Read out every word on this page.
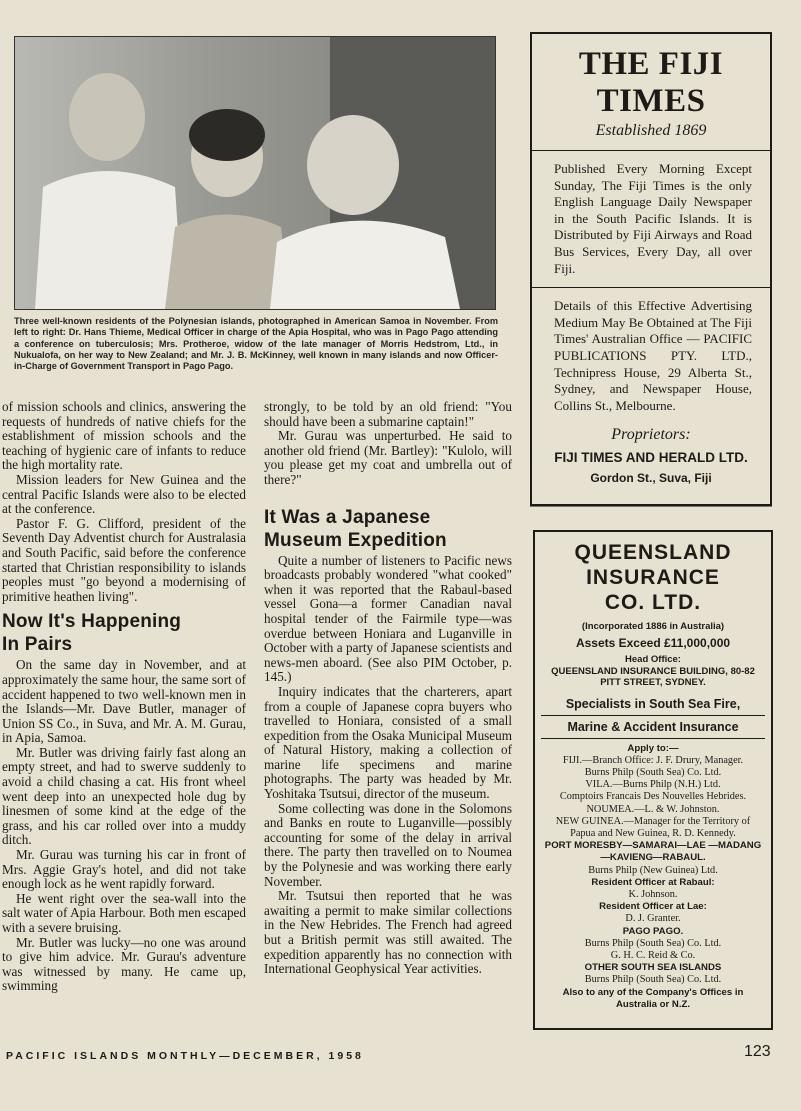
Three well-known residents of the Polynesian islands, photographed in American Samoa in November. From left to right: Dr. Hans Thieme, Medical Officer in charge of the Apia Hospital, who was in Pago Pago attending a conference on tuberculosis; Mrs. Protheroe, widow of the late manager of Morris Hedstrom, Ltd., in Nukualofa, on her way to New Zealand; and Mr. J. B. McKinney, well known in many islands and now Officer-in-Charge of Government Transport in Pago Pago.

of mission schools and clinics, answering the requests of hundreds of native chiefs for the establishment of mission schools and the teaching of hygienic care of infants to reduce the high mortality rate.

Mission leaders for New Guinea and the central Pacific Islands were also to be elected at the conference.

Pastor F. G. Clifford, president of the Seventh Day Adventist church for Australasia and South Pacific, said before the conference started that Christian responsibility to islands peoples must "go beyond a modernising of primitive heathen living".

Now It's Happening
In Pairs

On the same day in November, and at approximately the same hour, the same sort of accident happened to two well-known men in the Islands—Mr. Dave Butler, manager of Union SS Co., in Suva, and Mr. A. M. Gurau, in Apia, Samoa.

Mr. Butler was driving fairly fast along an empty street, and had to swerve suddenly to avoid a child chasing a cat. His front wheel went deep into an unexpected hole dug by linesmen of some kind at the edge of the grass, and his car rolled over into a muddy ditch.

Mr. Gurau was turning his car in front of Mrs. Aggie Gray's hotel, and did not take enough lock as he went rapidly forward.

He went right over the sea-wall into the salt water of Apia Harbour. Both men escaped with a severe bruising.

Mr. Butler was lucky—no one was around to give him advice. Mr. Gurau's adventure was witnessed by many. He came up, swimming

strongly, to be told by an old friend: "You should have been a submarine captain!"

Mr. Gurau was unperturbed. He said to another old friend (Mr. Bartley): "Kulolo, will you please get my coat and umbrella out of there?"

It Was a Japanese
Museum Expedition

Quite a number of listeners to Pacific news broadcasts probably wondered "what cooked" when it was reported that the Rabaul-based vessel Gona—a former Canadian naval hospital tender of the Fairmile type—was overdue between Honiara and Luganville in October with a party of Japanese scientists and news-men aboard. (See also PIM October, p. 145.)

Inquiry indicates that the charterers, apart from a couple of Japanese copra buyers who travelled to Honiara, consisted of a small expedition from the Osaka Municipal Museum of Natural History, making a collection of marine life specimens and marine photographs. The party was headed by Mr. Yoshitaka Tsutsui, director of the museum.

Some collecting was done in the Solomons and Banks en route to Luganville—possibly accounting for some of the delay in arrival there. The party then travelled on to Noumea by the Polynesie and was working there early November.

Mr. Tsutsui then reported that he was awaiting a permit to make similar collections in the New Hebrides. The French had agreed but a British permit was still awaited. The expedition apparently has no connection with International Geophysical Year activities.

THE FIJI TIMES
Established 1869
Published Every Morning Except Sunday, The Fiji Times is the only English Language Daily Newspaper in the South Pacific Islands. It is Distributed by Fiji Airways and Road Bus Services, Every Day, all over Fiji.
Details of this Effective Advertising Medium May Be Obtained at The Fiji Times' Australian Office — PACIFIC PUBLICATIONS PTY. LTD., Technipress House, 29 Alberta St., Sydney, and Newspaper House, Collins St., Melbourne.
Proprietors:
FIJI TIMES AND HERALD LTD.
Gordon St., Suva, Fiji
QUEENSLAND
INSURANCE
CO. LTD.
(Incorporated 1886 in Australia)
Assets Exceed £11,000,000
Head Office:
QUEENSLAND INSURANCE BUILDING, 80-82 PITT STREET, SYDNEY.
Specialists in South Sea Fire,
Marine & Accident Insurance
Apply to:—
FIJI.—Branch Office: J. F. Drury, Manager.
Burns Philp (South Sea) Co. Ltd.
VILA.—Burns Philp (N.H.) Ltd.
Comptoirs Francais Des Nouvelles Hebrides.
NOUMEA.—L. & W. Johnston.
NEW GUINEA.—Manager for the Territory of Papua and New Guinea, R. D. Kennedy.
PORT MORESBY—SAMARAI—LAE —MADANG—KAVIENG—RABAUL.
Burns Philp (New Guinea) Ltd.
Resident Officer at Rabaul:
K. Johnson.
Resident Officer at Lae:
D. J. Granter.
PAGO PAGO.
Burns Philp (South Sea) Co. Ltd.
G. H. C. Reid & Co.
OTHER SOUTH SEA ISLANDS
Burns Philp (South Sea) Co. Ltd.
Also to any of the Company's Offices in Australia or N.Z.
PACIFIC ISLANDS MONTHLY—DECEMBER, 1958	123
